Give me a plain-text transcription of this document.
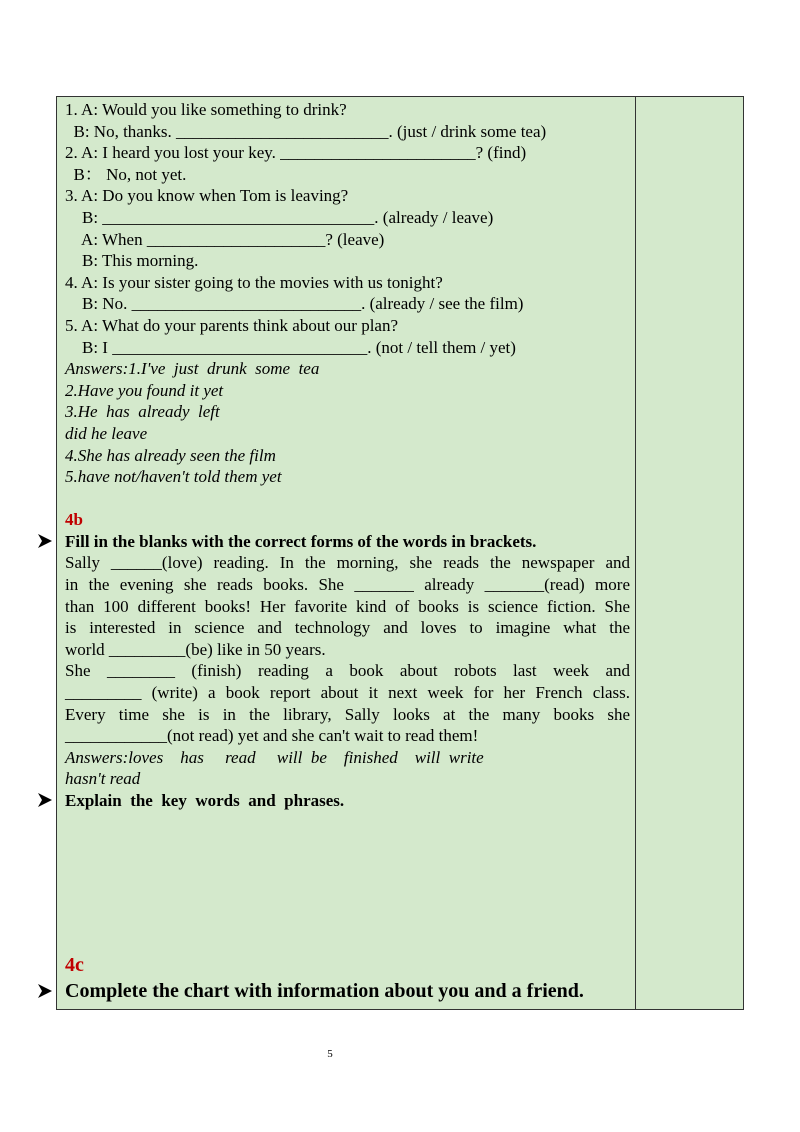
1. A: Would you like something to drink?
B: No, thanks. _________________________. (just / drink some tea)
2. A: I heard you lost your key. _______________________? (find)
B： No, not yet.
3. A: Do you know when Tom is leaving?
B: ________________________________. (already / leave)
A: When _____________________? (leave)
B: This morning.
4. A: Is your sister going to the movies with us tonight?
B: No. ___________________________. (already / see the film)
5. A: What do your parents think about our plan?
B: I ______________________________. (not / tell them / yet)
Answers:1.I've  just  drunk  some  tea
2.Have you found it yet
3.He  has  already  left
did he leave
4.She has already seen the film
5.have not/haven't told them yet
4b
Fill in the blanks with the correct forms of the words in brackets.
Sally ______(love) reading. In the morning, she reads the newspaper and
in the evening she reads books. She _______ already _______(read) more
than 100 different books! Her favorite kind of books is science fiction. She
is interested in science and technology and loves to imagine what the
world _________(be) like in 50 years.
She ________ (finish) reading a book about robots last week and
_________ (write) a book report about it next week for her French class.
Every time she is in the library, Sally looks at the many books she
____________(not read) yet and she can't wait to read them!
Answers:loves    has     read     will  be    finished    will  write
hasn't read
Explain  the  key  words  and  phrases.
4c
Complete the chart with information about you and a friend.
5
